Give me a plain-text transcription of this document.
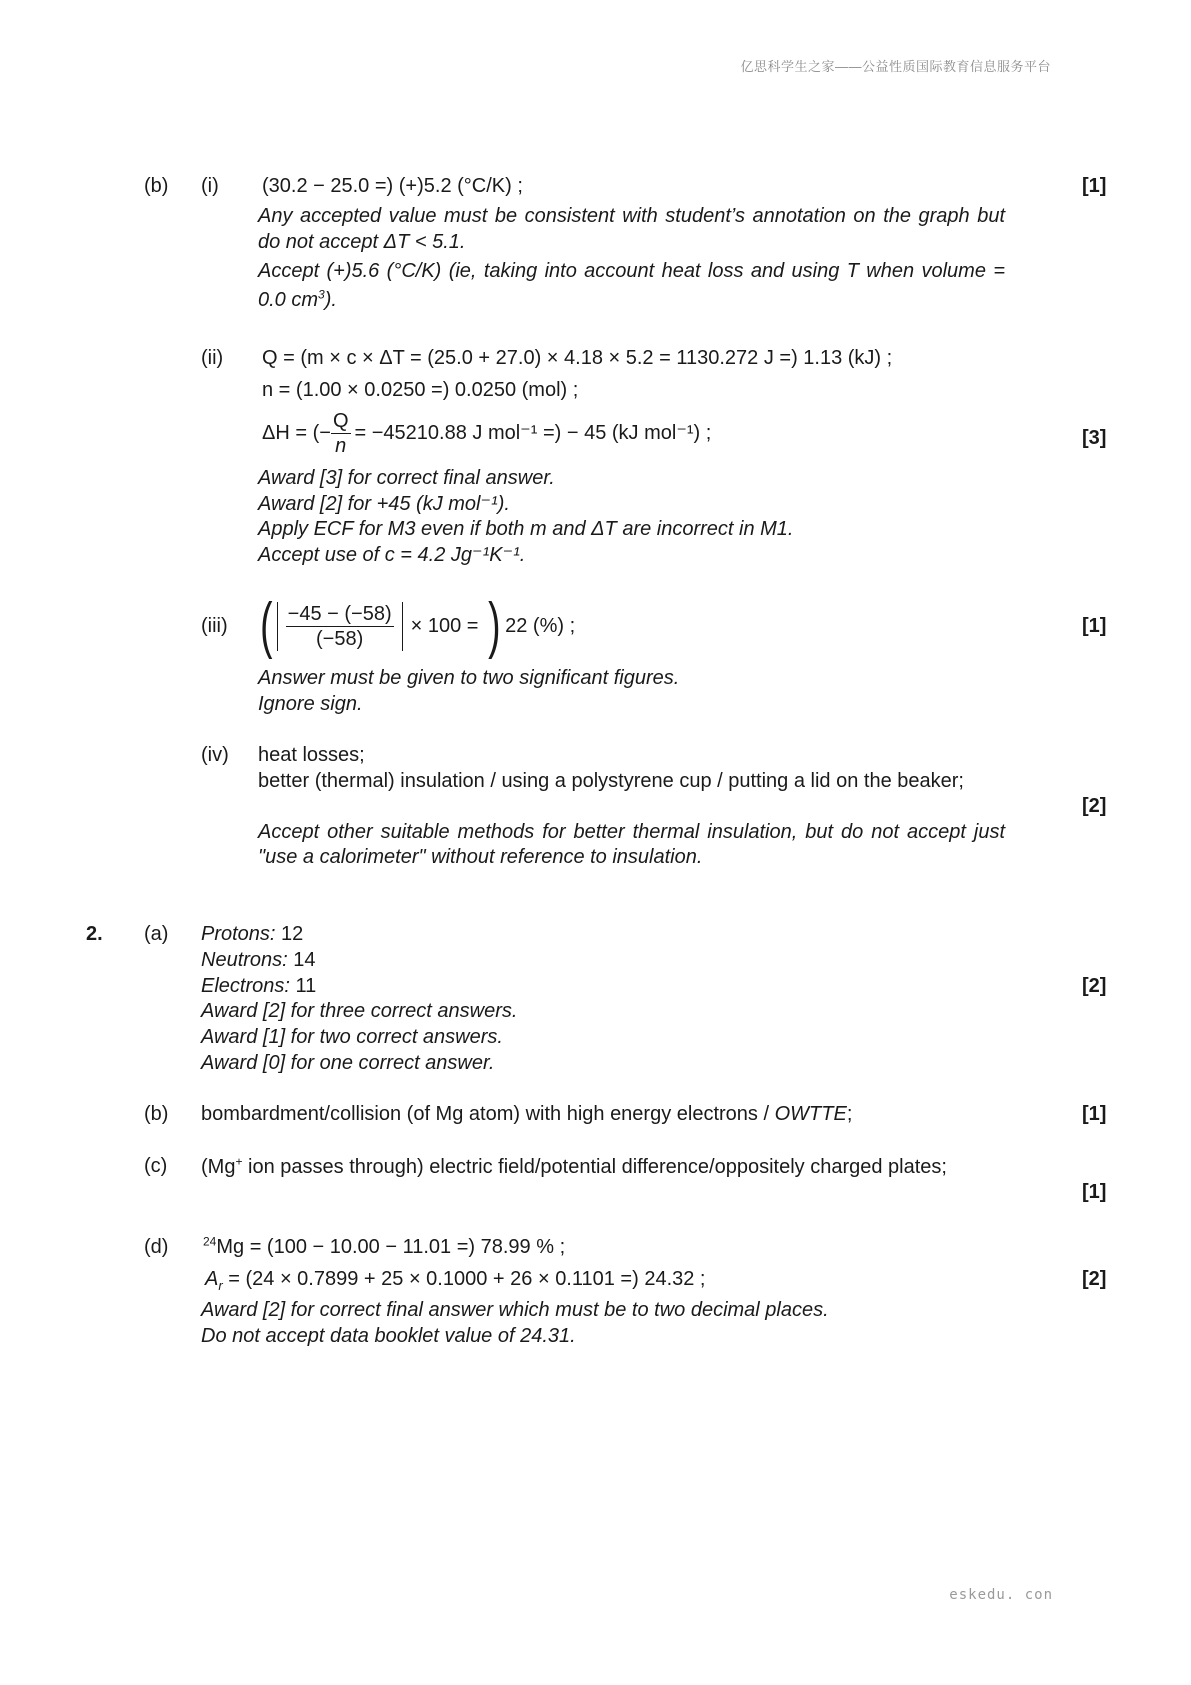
亿思科学生之家——公益性质国际教育信息服务平台
(b) (i) (30.2 − 25.0 =) (+)5.2 (°C/K) ;	[1]
Any accepted value must be consistent with student’s annotation on the graph but do not accept ΔT < 5.1.
Accept (+)5.6 (°C/K) (ie, taking into account heat loss and using T when volume = 0.0 $cm^3$).
(ii) Q = (m × c × ΔT = (25.0 + 27.0) × 4.18 × 5.2 = 1130.272 J =) 1.13 (kJ) ;
n = (1.00 × 0.0250 =) 0.0250 (mol) ;
ΔH = (− $\frac{Q}{n} = -45210.88$ J mol⁻¹ =) − 45 (kJ mol⁻¹) ;	[3]
Award [3] for correct final answer.
Award [2] for +45 (kJ mol⁻¹).
Apply ECF for M3 even if both m and ΔT are incorrect in M1.
Accept use of c = 4.2 Jg⁻¹K⁻¹.
(iii) ( $\frac{-45 - (-58)}{(-58)} \times 100$ = ) 22 (%) ;	[1]
Answer must be given to two significant figures.
Ignore sign.
(iv) heat losses;
better (thermal) insulation / using a polystyrene cup / putting a lid on the beaker;
[2]
Accept other suitable methods for better thermal insulation, but do not accept just "use a calorimeter" without reference to insulation.
2. (a) Protons: 12
Neutrons: 14
Electrons: 11	[2]
Award [2] for three correct answers.
Award [1] for two correct answers.
Award [0] for one correct answer.
(b) bombardment/collision (of Mg atom) with high energy electrons / OWTTE;	[1]
(c) (Mg+ ion passes through) electric field/potential difference/oppositely charged plates;
[1]
(d)	$^{24}$Mg = (100 − 10.00 − 11.01 =) 78.99 % ;
$A_r = (24 \times 0.7899 + 25 \times 0.1000 + 26 \times 0.1101$ =) 24.32 ;	[2]
Award [2] for correct final answer which must be to two decimal places.
Do not accept data booklet value of 24.31.
eskedu. con
